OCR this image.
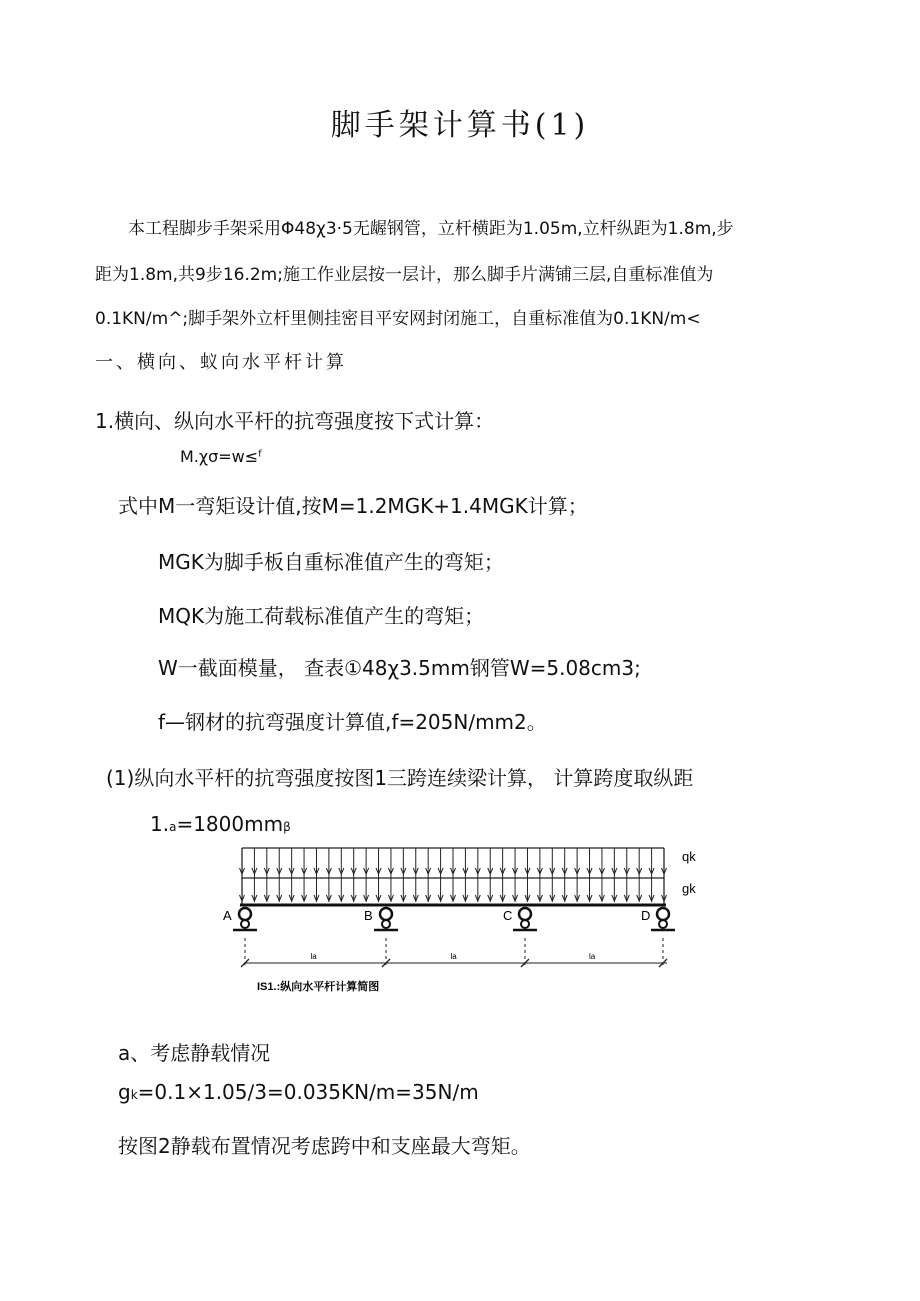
脚手架计算书(1)
本工程脚步手架采用Φ48χ3·5无龌钢管，立杆横距为1.05m,立杆纵距为1.8m,步
距为1.8m,共9步16.2m;施工作业层按一层计，那么脚手片满铺三层,自重标准值为
0.1KN∕m^;脚手架外立杆里侧挂密目平安网封闭施工，自重标准值为0.1KN∕m<
一、横向、蚁向水平杆计算
1.横向、纵向水平杆的抗弯强度按下式计算：
M.χσ=w≤ᶠ
式中M一弯矩设计值,按M=1.2MGK+1.4MGK计算；
MGK为脚手板自重标准值产生的弯矩；
MQK为施工荷载标准值产生的弯矩；
W一截面模量， 查表①48χ3.5mm钢管W=5.08cm3;
f—钢材的抗弯强度计算值,f=205N∕mm2。
(1)纵向水平杆的抗弯强度按图1三跨连续梁计算， 计算跨度取纵距
1.a=1800mmβ
A	B	C	D
la	la	la
qk
gk
IS1.:纵向水平杆计算简图
a、考虑静载情况
gk=0.1×1.05∕3=0.035KN∕m=35N∕m
按图2静载布置情况考虑跨中和支座最大弯矩。
